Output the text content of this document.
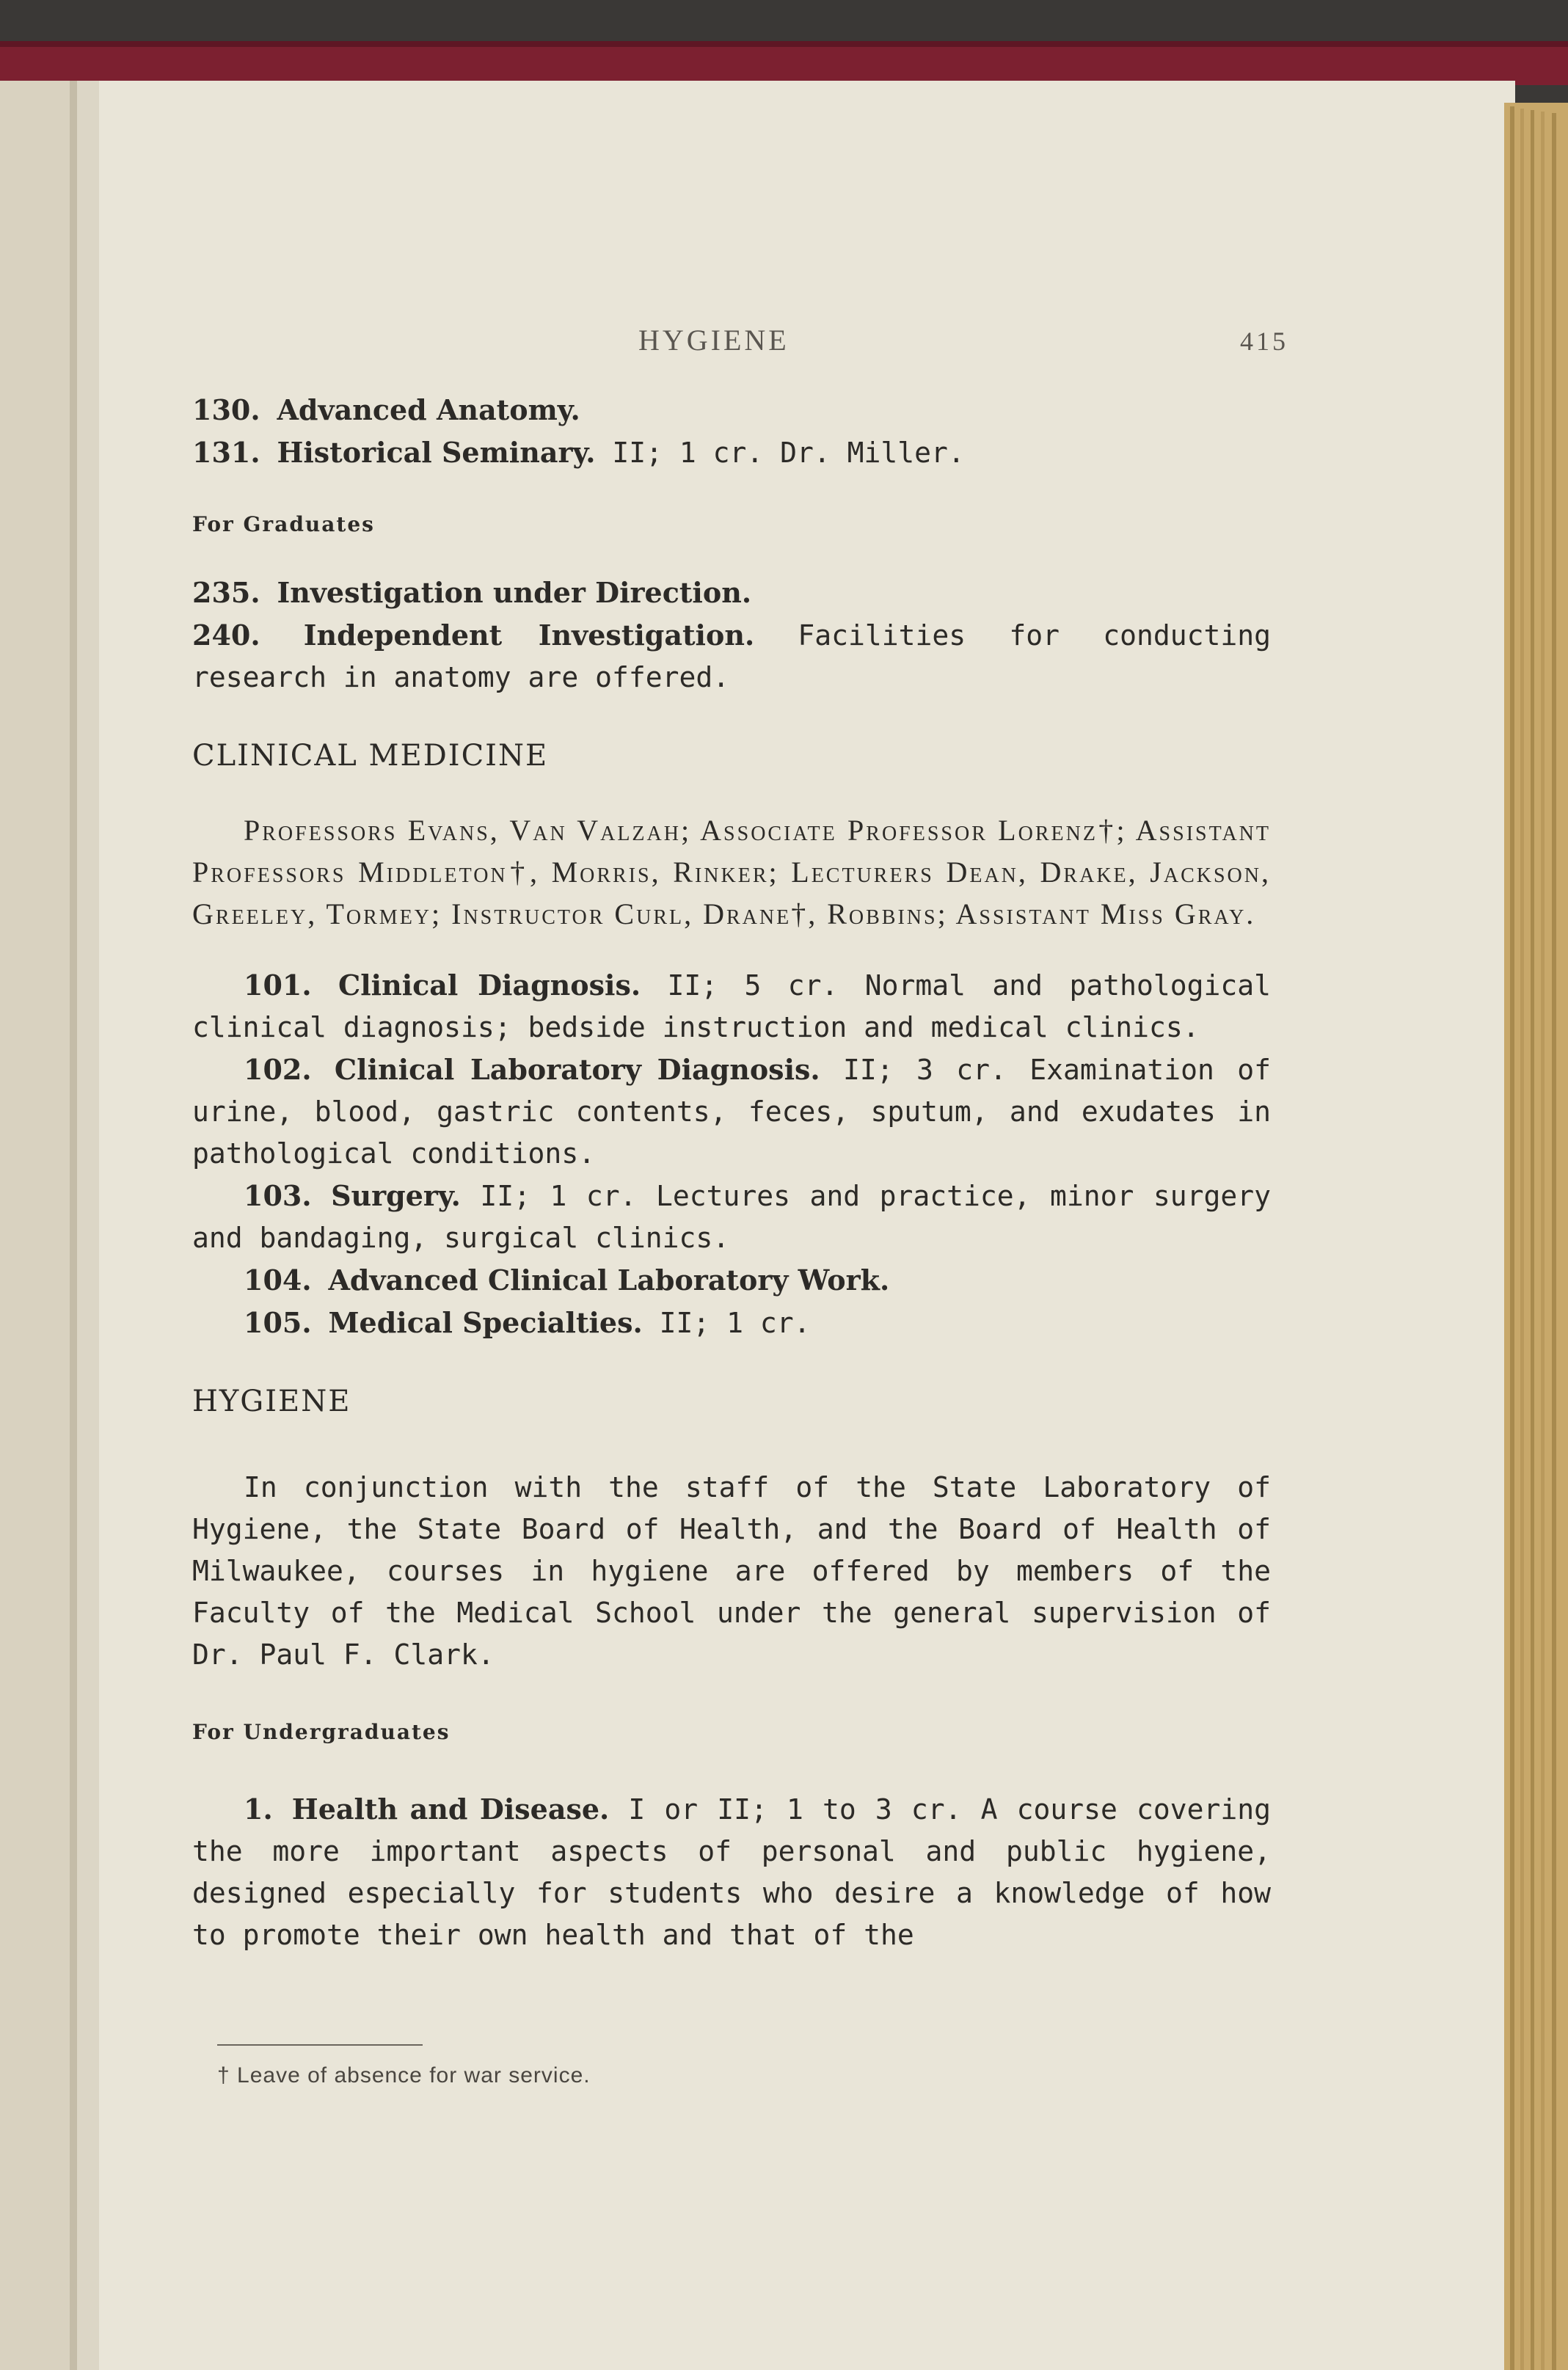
HYGIENE	415

130. Advanced Anatomy.

131. Historical Seminary. II; 1 cr. Dr. Miller.

For Graduates

235. Investigation under Direction.

240. Independent Investigation. Facilities for conducting research in anatomy are offered.

CLINICAL MEDICINE

Professors Evans, Van Valzah; Associate Professor Lorenz†; Assistant Professors Middleton†, Morris, Rinker; Lecturers Dean, Drake, Jackson, Greeley, Tormey; Instructor Curl, Drane†, Robbins; Assistant Miss Gray.

101. Clinical Diagnosis. II; 5 cr. Normal and pathological clinical diagnosis; bedside instruction and medical clinics.

102. Clinical Laboratory Diagnosis. II; 3 cr. Examination of urine, blood, gastric contents, feces, sputum, and exudates in pathological conditions.

103. Surgery. II; 1 cr. Lectures and practice, minor surgery and bandaging, surgical clinics.

104. Advanced Clinical Laboratory Work.

105. Medical Specialties. II; 1 cr.

HYGIENE

In conjunction with the staff of the State Laboratory of Hygiene, the State Board of Health, and the Board of Health of Milwaukee, courses in hygiene are offered by members of the Faculty of the Medical School under the general supervision of Dr. Paul F. Clark.

For Undergraduates

1. Health and Disease. I or II; 1 to 3 cr. A course covering the more important aspects of personal and public hygiene, designed especially for students who desire a knowledge of how to promote their own health and that of the

† Leave of absence for war service.
